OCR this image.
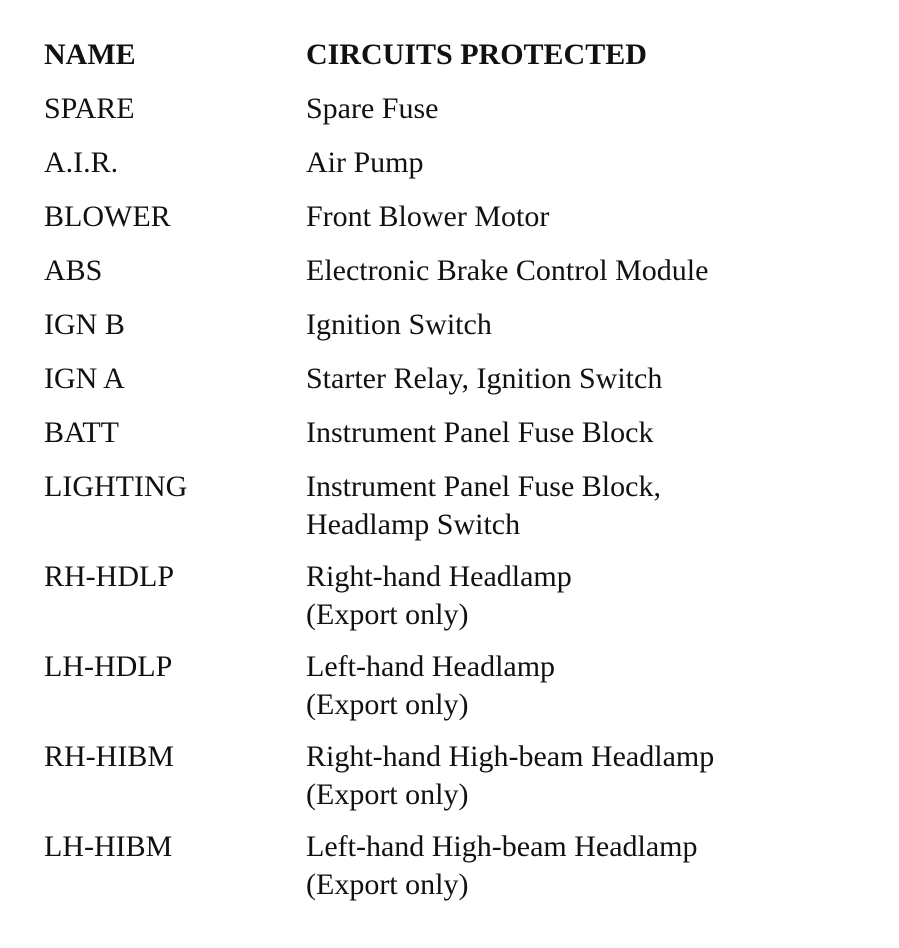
NAME	CIRCUITS PROTECTED
SPARE	Spare Fuse
A.I.R.	Air Pump
BLOWER	Front Blower Motor
ABS	Electronic Brake Control Module
IGN B	Ignition Switch
IGN A	Starter Relay, Ignition Switch
BATT	Instrument Panel Fuse Block
LIGHTING	Instrument Panel Fuse Block,
Headlamp Switch
RH-HDLP	Right-hand Headlamp
(Export only)
LH-HDLP	Left-hand Headlamp
(Export only)
RH-HIBM	Right-hand High-beam Headlamp
(Export only)
LH-HIBM	Left-hand High-beam Headlamp
(Export only)
